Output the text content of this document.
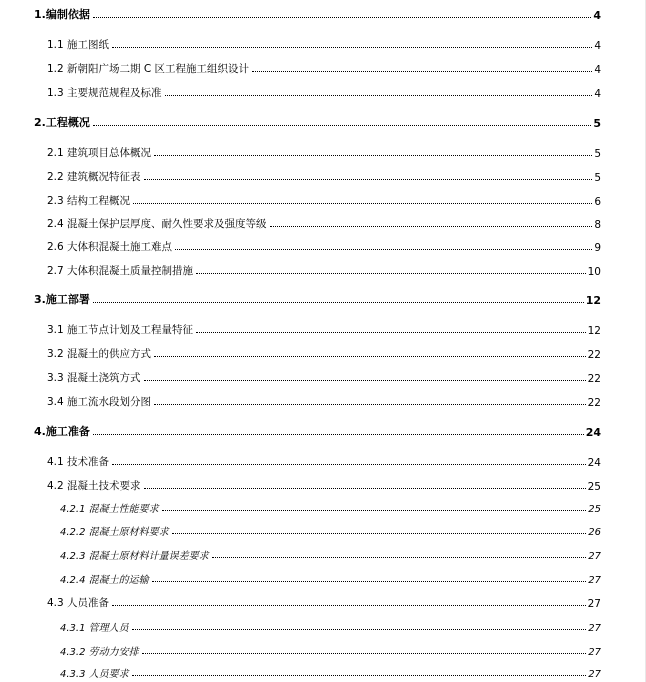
1.编制依据	4
1.1 施工图纸	4
1.2 新朝阳广场二期 C 区工程施工组织设计	4
1.3 主要规范规程及标准	4
2.工程概况	5
2.1 建筑项目总体概况	5
2.2 建筑概况特征表	5
2.3 结构工程概况	6
2.4 混凝土保护层厚度、耐久性要求及强度等级	8
2.6 大体积混凝土施工难点	9
2.7 大体积混凝土质量控制措施	10
3.施工部署	12
3.1 施工节点计划及工程量特征	12
3.2 混凝土的供应方式	22
3.3 混凝土浇筑方式	22
3.4 施工流水段划分图	22
4.施工准备	24
4.1 技术准备	24
4.2 混凝土技术要求	25
4.2.1 混凝土性能要求	25
4.2.2 混凝土原材料要求	26
4.2.3 混凝土原材料计量误差要求	27
4.2.4 混凝土的运输	27
4.3 人员准备	27
4.3.1 管理人员	27
4.3.2 劳动力安排	27
4.3.3 人员要求	27
